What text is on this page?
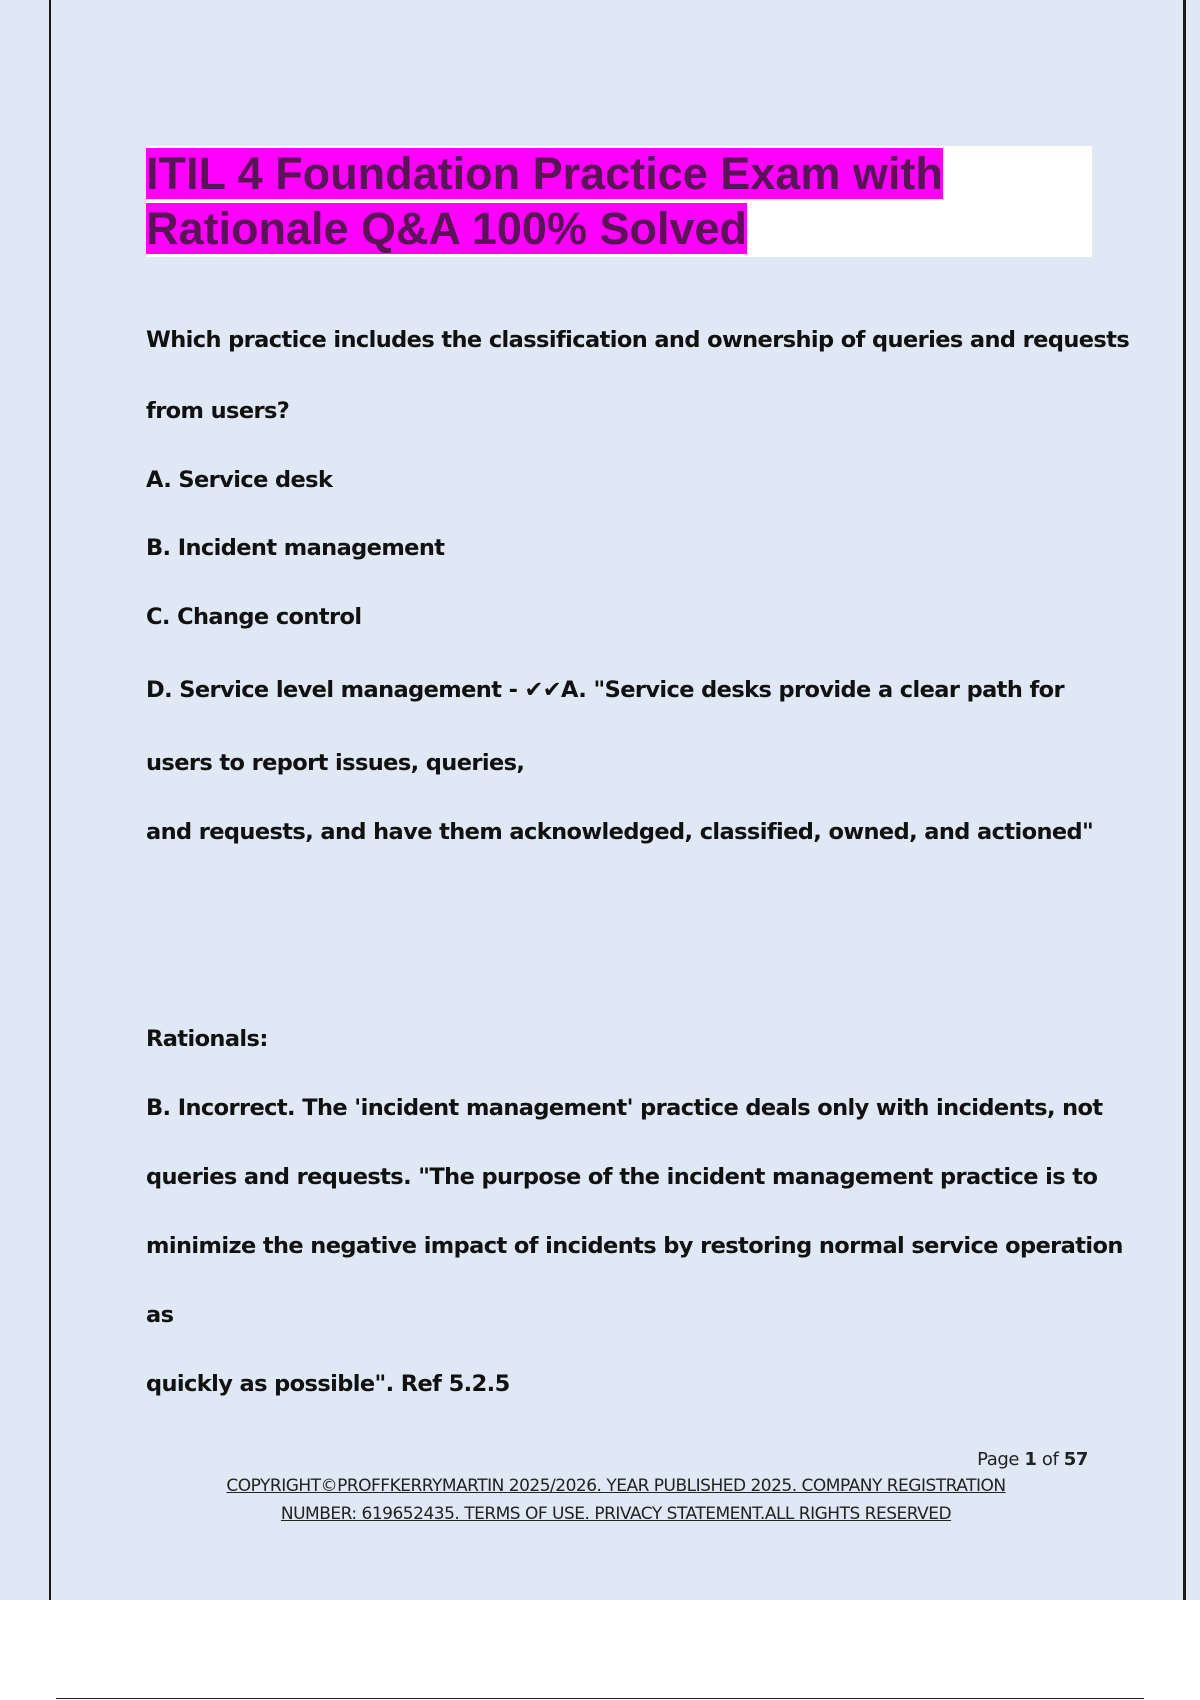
ITIL 4 Foundation Practice Exam with
Rationale Q&A 100% Solved
Which practice includes the classification and ownership of queries and requests
from users?
A. Service desk
B. Incident management
C. Change control
D. Service level management - ✔✔A. "Service desks provide a clear path for
users to report issues, queries,
and requests, and have them acknowledged, classified, owned, and actioned"
Rationals:
B. Incorrect. The 'incident management' practice deals only with incidents, not
queries and requests. "The purpose of the incident management practice is to
minimize the negative impact of incidents by restoring normal service operation
as
quickly as possible". Ref 5.2.5
Page 1 of 57
COPYRIGHT©PROFFKERRYMARTIN 2025/2026. YEAR PUBLISHED 2025. COMPANY REGISTRATION
NUMBER: 619652435. TERMS OF USE. PRIVACY STATEMENT.ALL RIGHTS RESERVED
